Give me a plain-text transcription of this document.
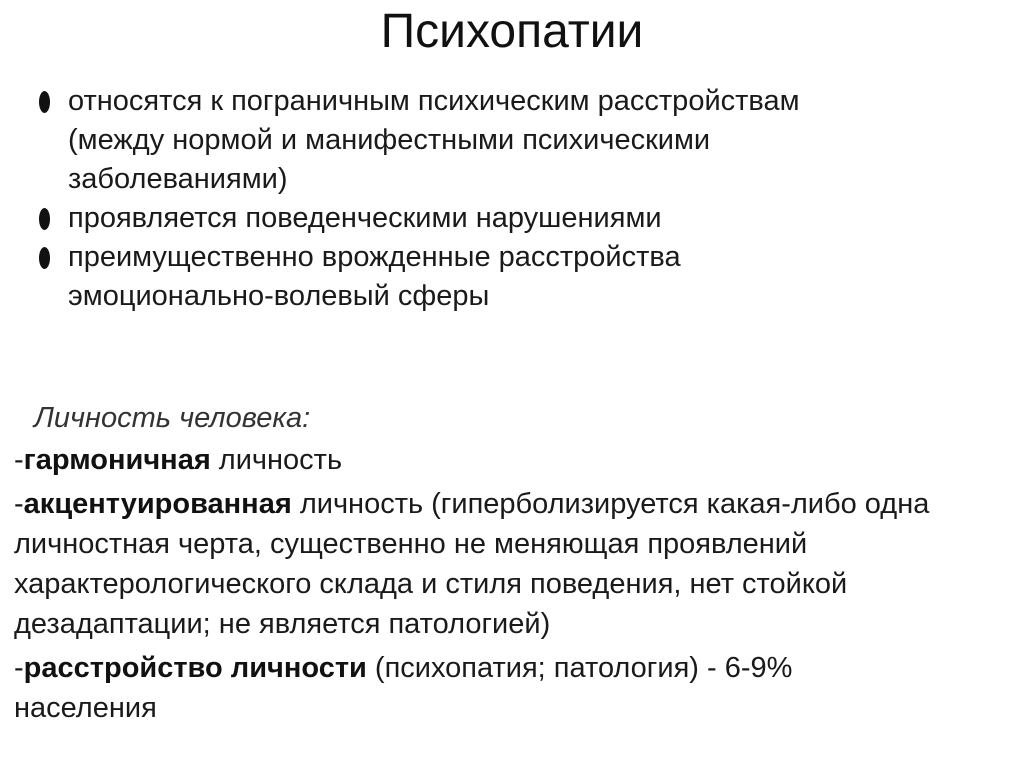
Психопатии
относятся к пограничным психическим расстройствам (между нормой и манифестными психическими заболеваниями)
проявляется поведенческими нарушениями
преимущественно врожденные расстройства эмоционально-волевый сферы
Личность человека:
-гармоничная личность
-акцентуированная личность (гиперболизируется какая-либо одна личностная черта, существенно не меняющая проявлений характерологического склада и стиля поведения, нет стойкой дезадаптации; не является патологией)
-расстройство личности (психопатия; патология) - 6-9% населения
